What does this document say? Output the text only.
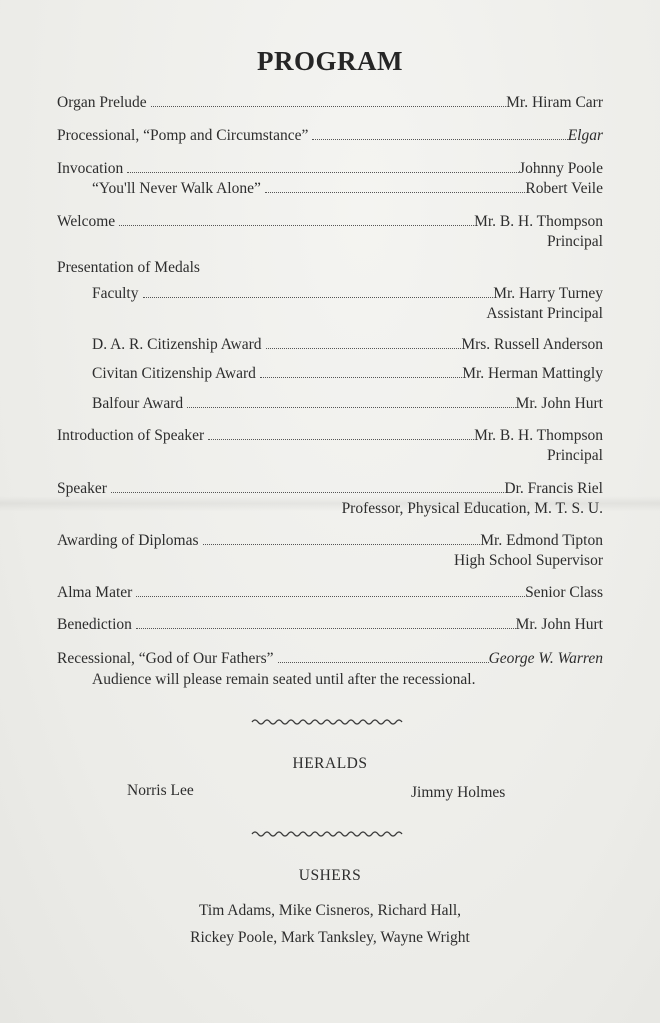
PROGRAM
Organ Prelude	Mr. Hiram Carr
Processional, “Pomp and Circumstance”	Elgar
Invocation	Johnny Poole
“You'll Never Walk Alone”	Robert Veile
Welcome	Mr. B. H. Thompson
Principal
Presentation of Medals
Faculty	Mr. Harry Turney
Assistant Principal
D. A. R. Citizenship Award	Mrs. Russell Anderson
Civitan Citizenship Award	Mr. Herman Mattingly
Balfour Award	Mr. John Hurt
Introduction of Speaker	Mr. B. H. Thompson
Principal
Speaker	Dr. Francis Riel
Professor, Physical Education, M. T. S. U.
Awarding of Diplomas	Mr. Edmond Tipton
High School Supervisor
Alma Mater	Senior Class
Benediction	Mr. John Hurt
Recessional, “God of Our Fathers”	George W. Warren
Audience will please remain seated until after the recessional.
HERALDS
Norris Lee	Jimmy Holmes
USHERS
Tim Adams, Mike Cisneros, Richard Hall,
Rickey Poole, Mark Tanksley, Wayne Wright
